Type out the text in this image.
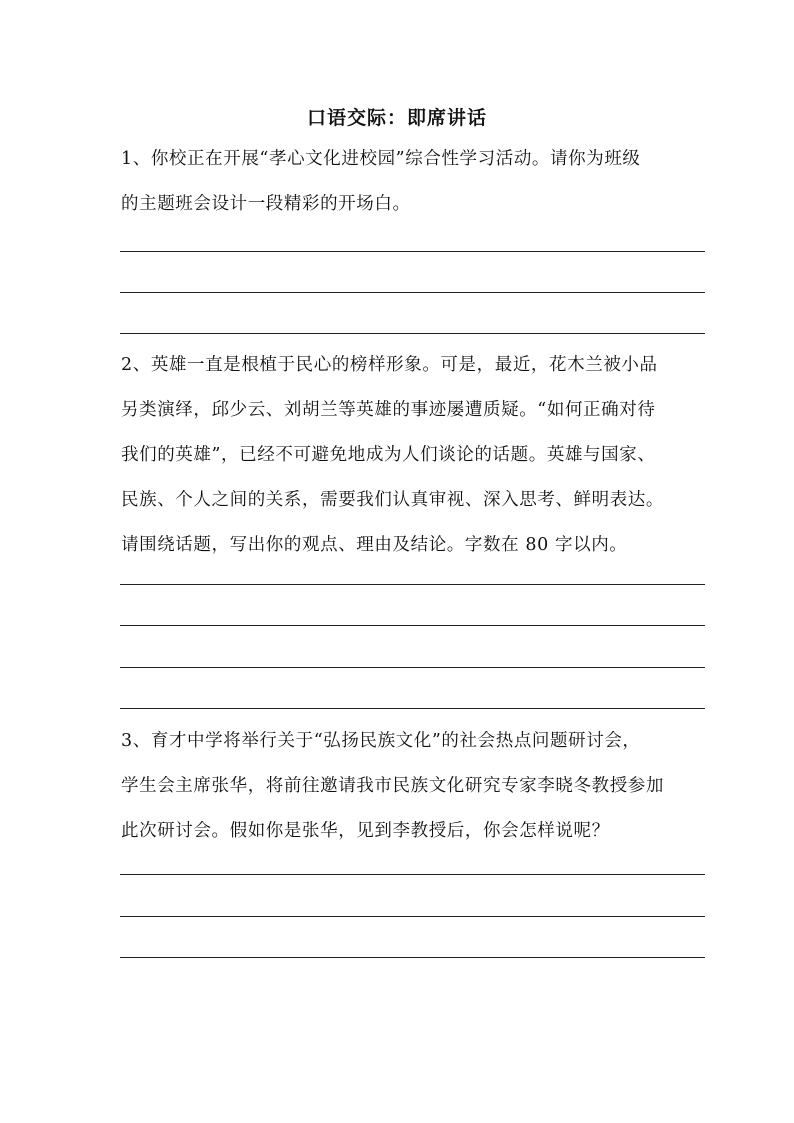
口语交际：即席讲话
1、你校正在开展“孝心文化进校园”综合性学习活动。请你为班级
的主题班会设计一段精彩的开场白。
2、英雄一直是根植于民心的榜样形象。可是，最近，花木兰被小品
另类演绎，邱少云、刘胡兰等英雄的事迹屡遭质疑。“如何正确对待
我们的英雄”，已经不可避免地成为人们谈论的话题。英雄与国家、
民族、个人之间的关系，需要我们认真审视、深入思考、鲜明表达。
请围绕话题，写出你的观点、理由及结论。字数在 80 字以内。
3、育才中学将举行关于“弘扬民族文化”的社会热点问题研讨会，
学生会主席张华，将前往邀请我市民族文化研究专家李晓冬教授参加
此次研讨会。假如你是张华，见到李教授后，你会怎样说呢？
